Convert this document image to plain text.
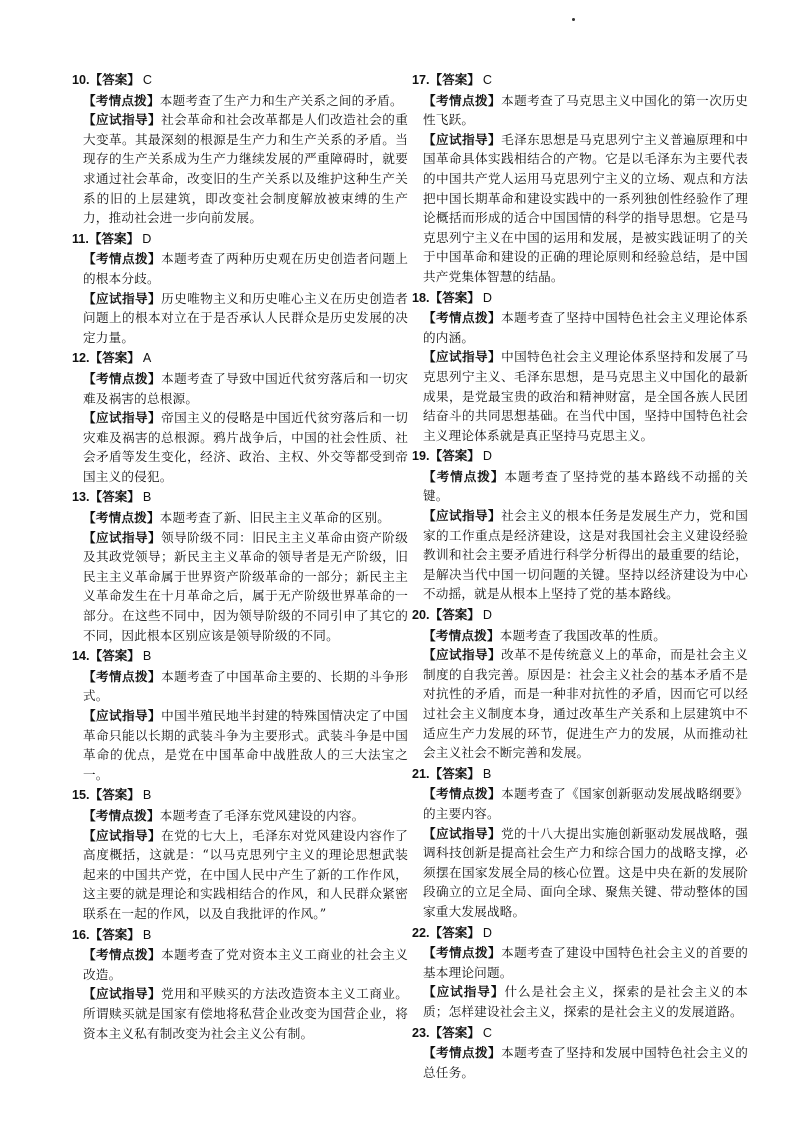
10.【答案】 C
【考情点拨】本题考查了生产力和生产关系之间的矛盾。
【应试指导】社会革命和社会改革都是人们改造社会的重大变革。其最深刻的根源是生产力和生产关系的矛盾。当现存的生产关系成为生产力继续发展的严重障碍时，就要求通过社会革命，改变旧的生产关系以及维护这种生产关系的旧的上层建筑，即改变社会制度解放被束缚的生产力，推动社会进一步向前发展。
11.【答案】 D
【考情点拨】本题考查了两种历史观在历史创造者问题上的根本分歧。
【应试指导】历史唯物主义和历史唯心主义在历史创造者问题上的根本对立在于是否承认人民群众是历史发展的决定力量。
12.【答案】 A
【考情点拨】本题考查了导致中国近代贫穷落后和一切灾难及祸害的总根源。
【应试指导】帝国主义的侵略是中国近代贫穷落后和一切灾难及祸害的总根源。鸦片战争后，中国的社会性质、社会矛盾等发生变化，经济、政治、主权、外交等都受到帝国主义的侵犯。
13.【答案】 B
【考情点拨】本题考查了新、旧民主主义革命的区别。
【应试指导】领导阶级不同：旧民主主义革命由资产阶级及其政党领导；新民主主义革命的领导者是无产阶级，旧民主主义革命属于世界资产阶级革命的一部分；新民主主义革命发生在十月革命之后，属于无产阶级世界革命的一部分。在这些不同中，因为领导阶级的不同引申了其它的不同，因此根本区别应该是领导阶级的不同。
14.【答案】 B
【考情点拨】本题考查了中国革命主要的、长期的斗争形式。
【应试指导】中国半殖民地半封建的特殊国情决定了中国革命只能以长期的武装斗争为主要形式。武装斗争是中国革命的优点，是党在中国革命中战胜敌人的三大法宝之一。
15.【答案】 B
【考情点拨】本题考查了毛泽东党风建设的内容。
【应试指导】在党的七大上，毛泽东对党风建设内容作了高度概括，这就是：“以马克思列宁主义的理论思想武装起来的中国共产党，在中国人民中产生了新的工作作风，这主要的就是理论和实践相结合的作风，和人民群众紧密联系在一起的作风，以及自我批评的作风。”
16.【答案】 B
【考情点拨】本题考查了党对资本主义工商业的社会主义改造。
【应试指导】党用和平赎买的方法改造资本主义工商业。所谓赎买就是国家有偿地将私营企业改变为国营企业，将资本主义私有制改变为社会主义公有制。
17.【答案】 C
【考情点拨】本题考查了马克思主义中国化的第一次历史性飞跃。
【应试指导】毛泽东思想是马克思列宁主义普遍原理和中国革命具体实践相结合的产物。它是以毛泽东为主要代表的中国共产党人运用马克思列宁主义的立场、观点和方法把中国长期革命和建设实践中的一系列独创性经验作了理论概括而形成的适合中国国情的科学的指导思想。它是马克思列宁主义在中国的运用和发展，是被实践证明了的关于中国革命和建设的正确的理论原则和经验总结，是中国共产党集体智慧的结晶。
18.【答案】 D
【考情点拨】本题考查了坚持中国特色社会主义理论体系的内涵。
【应试指导】中国特色社会主义理论体系坚持和发展了马克思列宁主义、毛泽东思想，是马克思主义中国化的最新成果，是党最宝贵的政治和精神财富，是全国各族人民团结奋斗的共同思想基础。在当代中国，坚持中国特色社会主义理论体系就是真正坚持马克思主义。
19.【答案】 D
【考情点拨】本题考查了坚持党的基本路线不动摇的关键。
【应试指导】社会主义的根本任务是发展生产力，党和国家的工作重点是经济建设，这是对我国社会主义建设经验教训和社会主要矛盾进行科学分析得出的最重要的结论，是解决当代中国一切问题的关键。坚持以经济建设为中心不动摇，就是从根本上坚持了党的基本路线。
20.【答案】 D
【考情点拨】本题考查了我国改革的性质。
【应试指导】改革不是传统意义上的革命，而是社会主义制度的自我完善。原因是：社会主义社会的基本矛盾不是对抗性的矛盾，而是一种非对抗性的矛盾，因而它可以经过社会主义制度本身，通过改革生产关系和上层建筑中不适应生产力发展的环节，促进生产力的发展，从而推动社会主义社会不断完善和发展。
21.【答案】 B
【考情点拨】本题考查了《国家创新驱动发展战略纲要》的主要内容。
【应试指导】党的十八大提出实施创新驱动发展战略，强调科技创新是提高社会生产力和综合国力的战略支撑，必须摆在国家发展全局的核心位置。这是中央在新的发展阶段确立的立足全局、面向全球、聚焦关键、带动整体的国家重大发展战略。
22.【答案】 D
【考情点拨】本题考查了建设中国特色社会主义的首要的基本理论问题。
【应试指导】什么是社会主义，探索的是社会主义的本质；怎样建设社会主义，探索的是社会主义的发展道路。
23.【答案】 C
【考情点拨】本题考查了坚持和发展中国特色社会主义的总任务。
